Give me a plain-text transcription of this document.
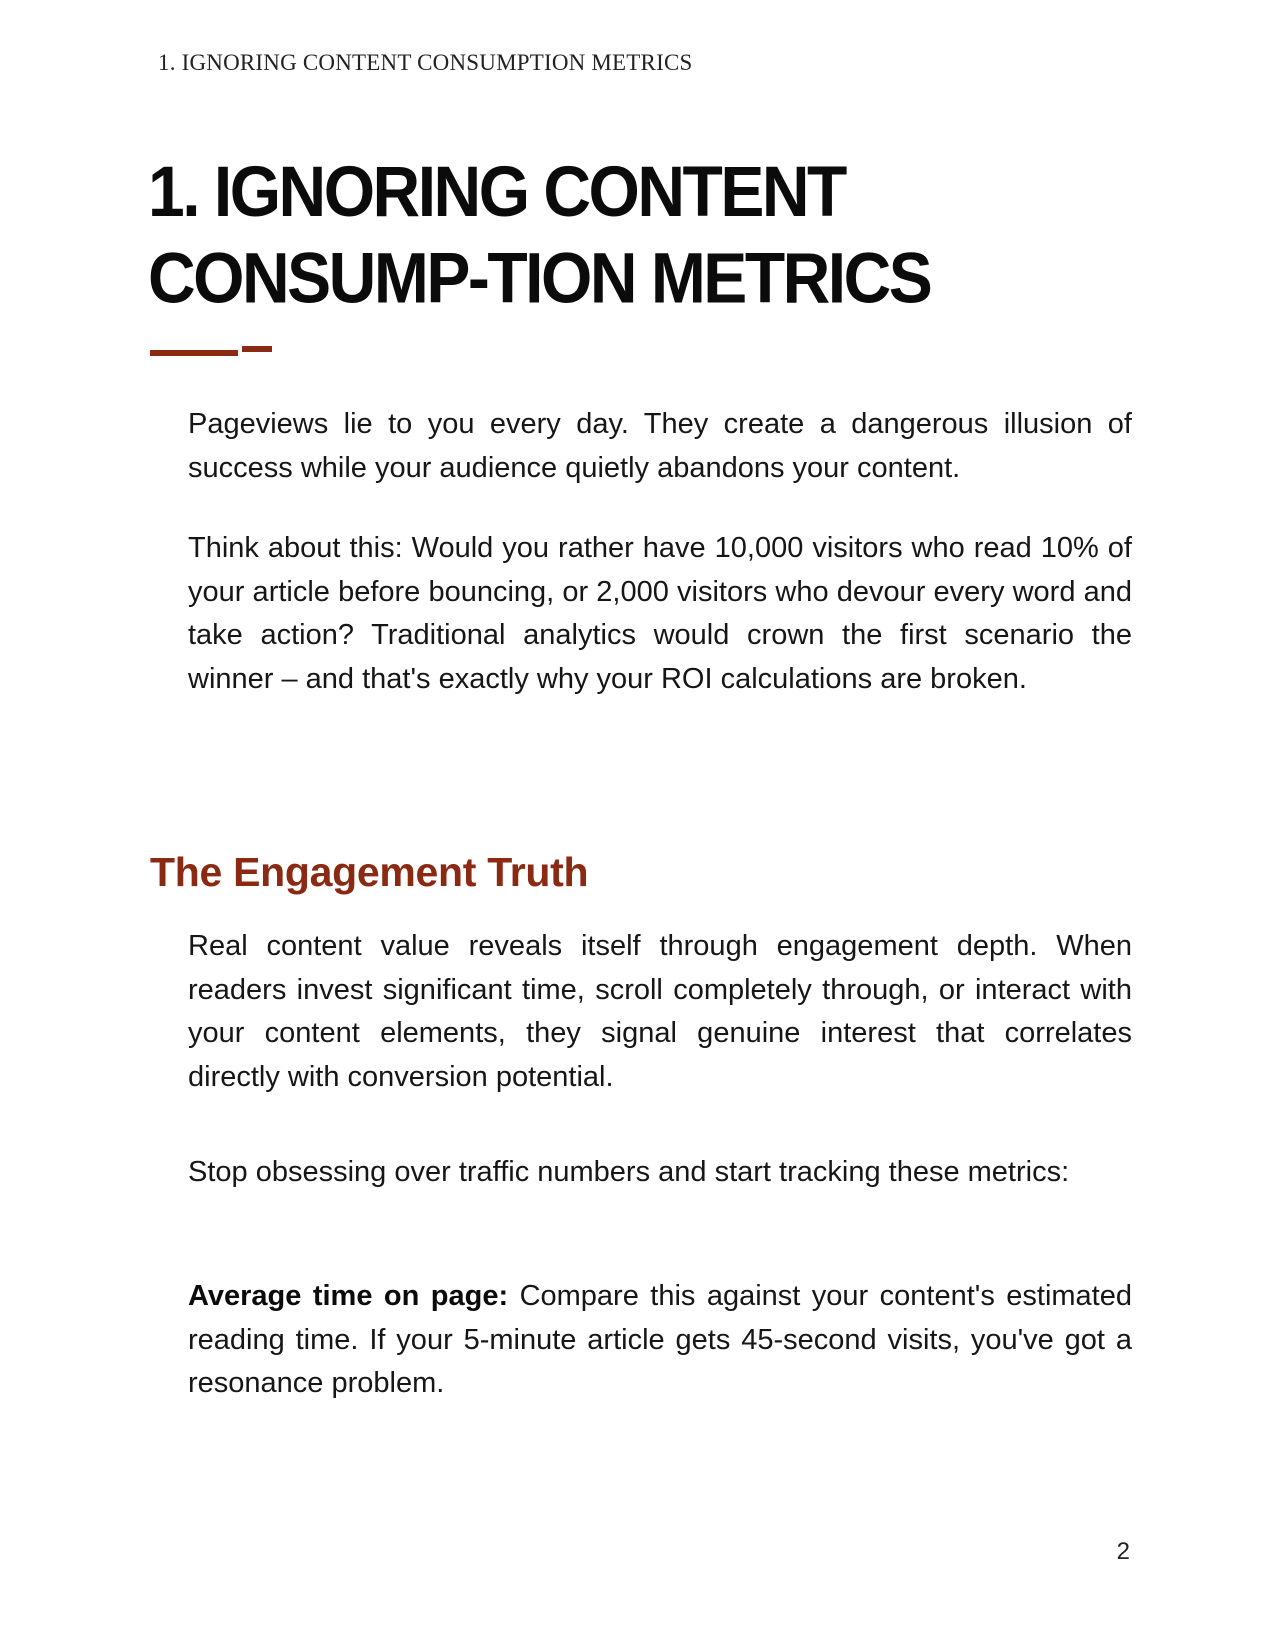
1. IGNORING CONTENT CONSUMPTION METRICS
1. IGNORING CONTENT CONSUMP-TION METRICS

Pageviews lie to you every day. They create a dangerous illusion of success while your audience quietly abandons your content.

Think about this: Would you rather have 10,000 visitors who read 10% of your article before bouncing, or 2,000 visitors who devour every word and take action? Traditional analytics would crown the first scenario the winner – and that's exactly why your ROI calculations are broken.

The Engagement Truth

Real content value reveals itself through engagement depth. When readers invest significant time, scroll completely through, or interact with your content elements, they signal genuine interest that correlates directly with conversion potential.

Stop obsessing over traffic numbers and start tracking these metrics:

Average time on page: Compare this against your content's estimated reading time. If your 5-minute article gets 45-second visits, you've got a resonance problem.

2
